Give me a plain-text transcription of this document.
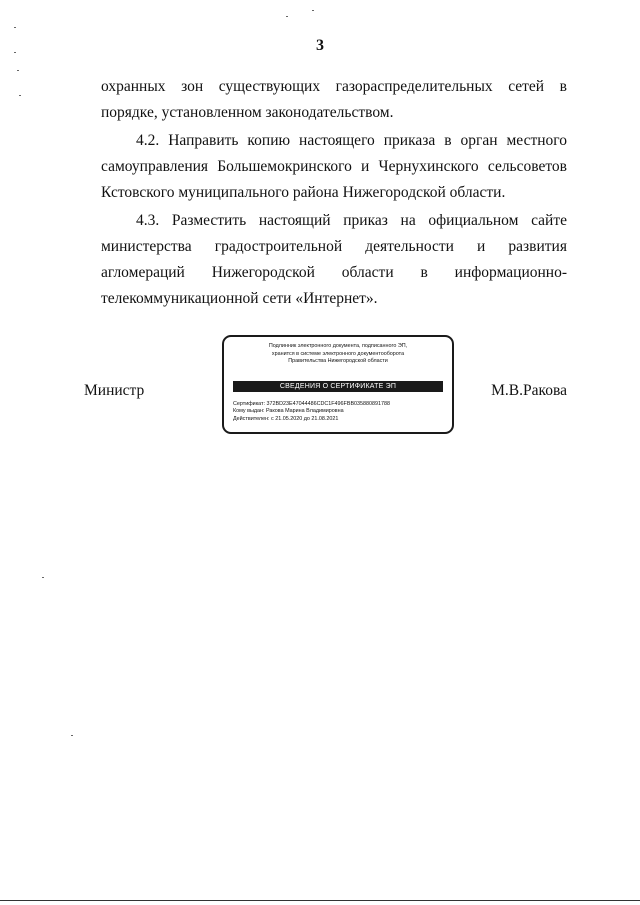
3

охранных зон существующих газораспределительных сетей в порядке, установленном законодательством.

4.2. Направить копию настоящего приказа в орган местного самоуправления Большемокринского и Чернухинского сельсоветов Кстовского муниципального района Нижегородской области.

4.3. Разместить настоящий приказ на официальном сайте министерства градостроительной деятельности и развития агломераций Нижегородской области в информационно-телекоммуникационной сети «Интернет».

Министр	М.В.Ракова
Подлинник электронного документа, подписанного ЭП,
хранится в системе электронного документооборота
Правительства Нижегородской области
СВЕДЕНИЯ О СЕРТИФИКАТЕ ЭП
Сертификат: 372BD23E47044486CDC1F496FBB035880891788
Кому выдан: Ракова Марина Владимировна
Действителен: с 21.05.2020 до 21.08.2021
